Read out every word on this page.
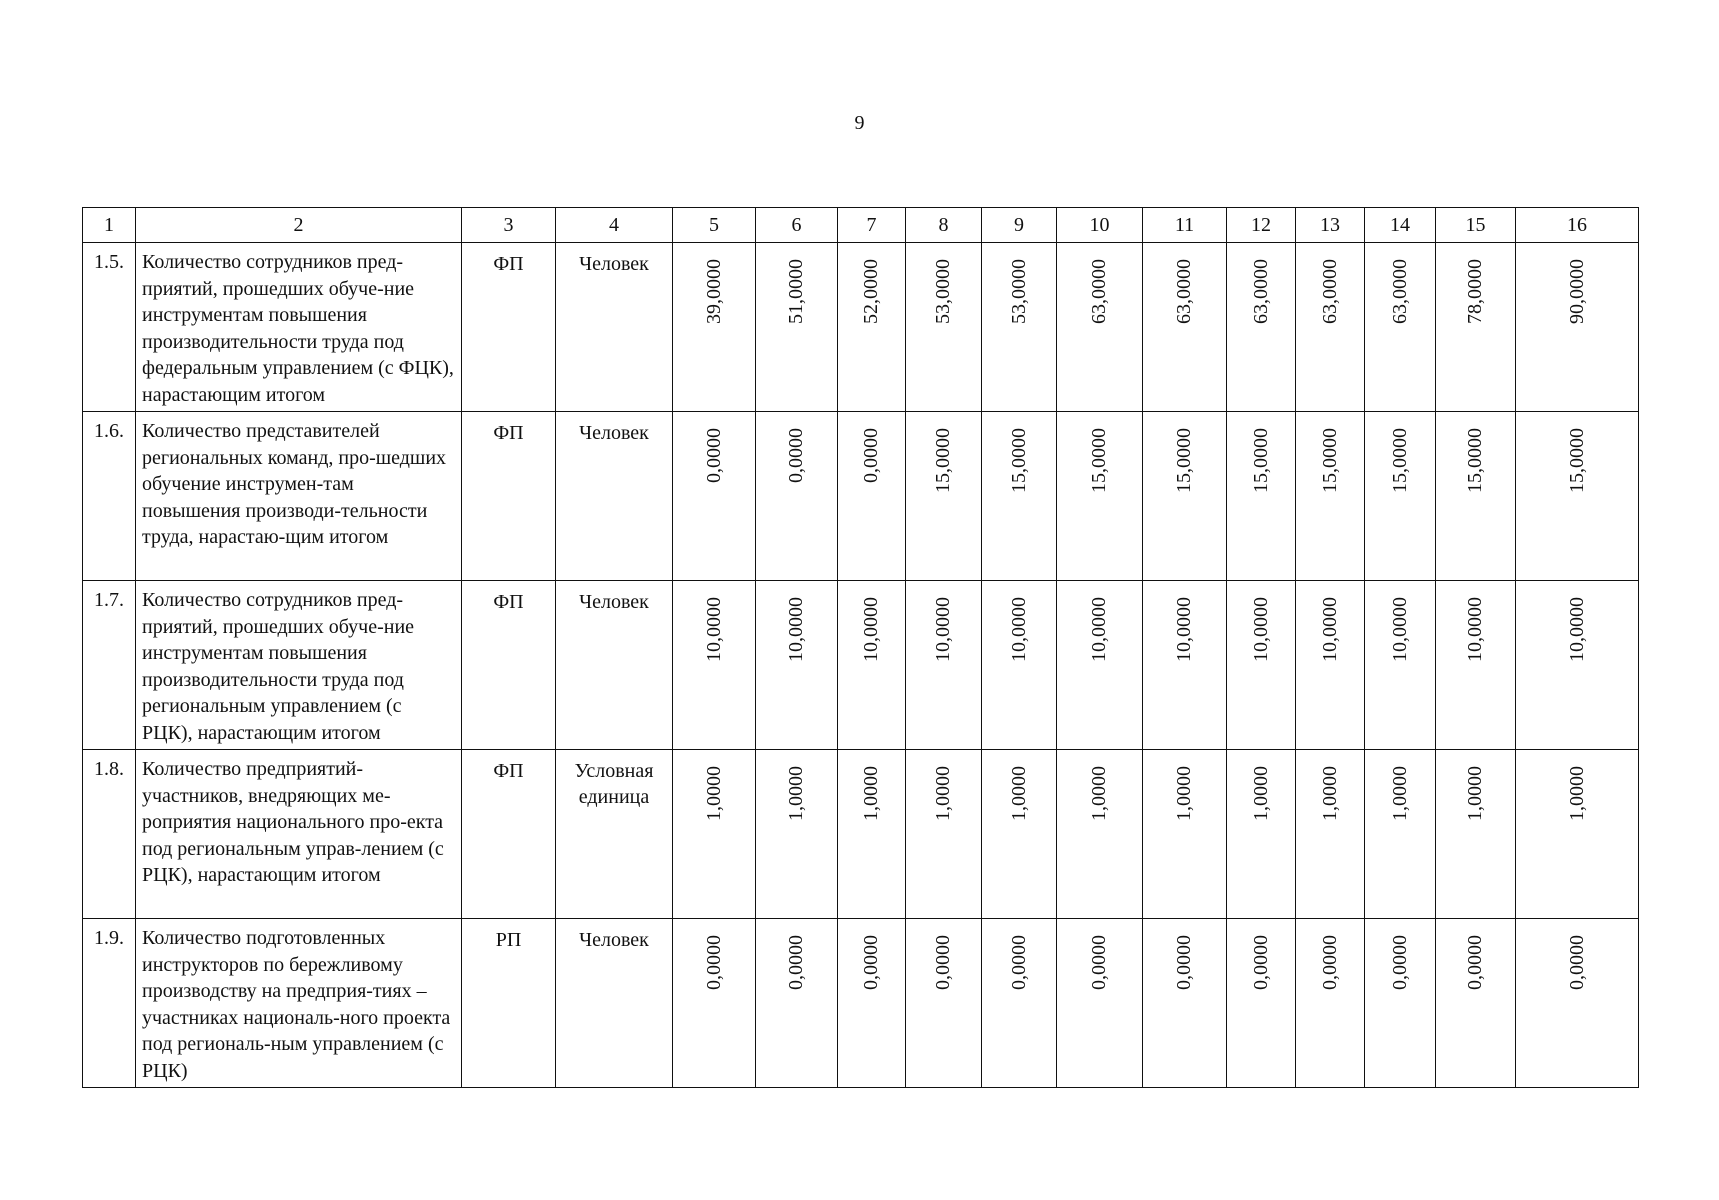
9
1	2	3	4	5	6	7	8	9	10	11	12	13	14	15	16
1.5.	Количество сотрудников пред-приятий, прошедших обуче-ние инструментам повышения производительности труда под федеральным управлением (с ФЦК), нарастающим итогом	ФП	Человек	39,0000	51,0000	52,0000	53,0000	53,0000	63,0000	63,0000	63,0000	63,0000	63,0000	78,0000	90,0000
1.6.	Количество представителей региональных команд, про-шедших обучение инструмен-там повышения производи-тельности труда, нарастаю-щим итогом	ФП	Человек	0,0000	0,0000	0,0000	15,0000	15,0000	15,0000	15,0000	15,0000	15,0000	15,0000	15,0000	15,0000
1.7.	Количество сотрудников пред-приятий, прошедших обуче-ние инструментам повышения производительности труда под региональным управлением (с РЦК), нарастающим итогом	ФП	Человек	10,0000	10,0000	10,0000	10,0000	10,0000	10,0000	10,0000	10,0000	10,0000	10,0000	10,0000	10,0000
1.8.	Количество предприятий-участников, внедряющих ме-роприятия национального про-екта под региональным управ-лением (с РЦК), нарастающим итогом	ФП	Условная единица	1,0000	1,0000	1,0000	1,0000	1,0000	1,0000	1,0000	1,0000	1,0000	1,0000	1,0000	1,0000
1.9.	Количество подготовленных инструкторов по бережливому производству на предприя-тиях – участниках националь-ного проекта под региональ-ным управлением (с РЦК)	РП	Человек	0,0000	0,0000	0,0000	0,0000	0,0000	0,0000	0,0000	0,0000	0,0000	0,0000	0,0000	0,0000
